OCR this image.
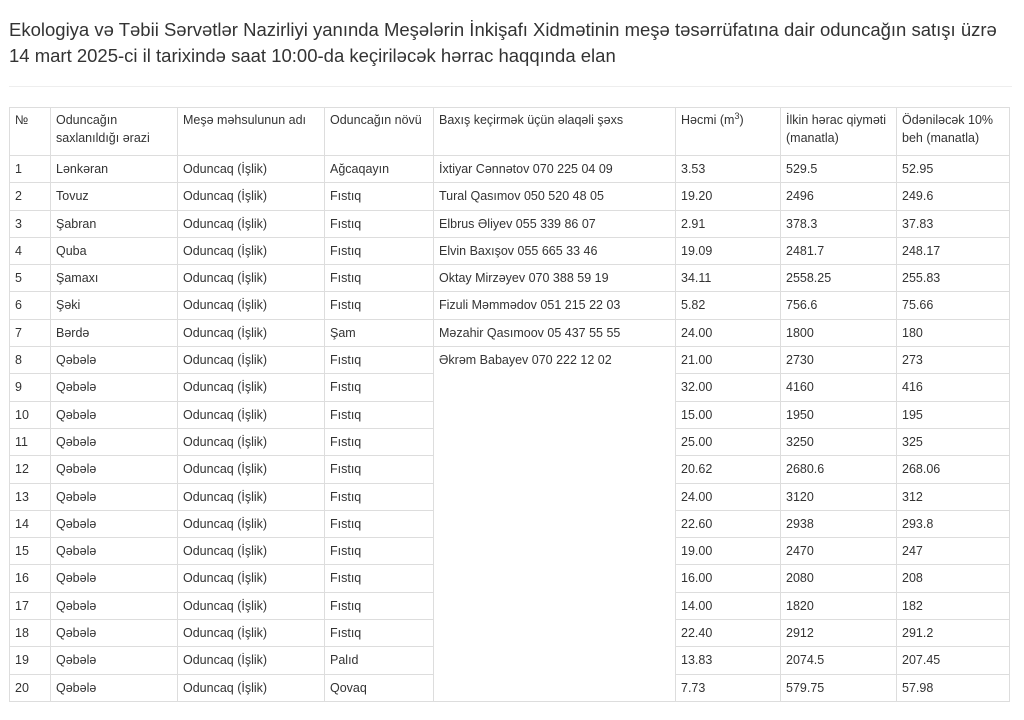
Ekologiya və Təbii Sərvətlər Nazirliyi yanında Meşələrin İnkişafı Xidmətinin meşə təsərrüfatına dair oduncağın satışı üzrə 14 mart 2025-ci il tarixində saat 10:00-da keçiriləcək hərrac haqqında elan
№	Oduncağın saxlanıldığı ərazi	Meşə məhsulunun adı	Oduncağın növü	Baxış keçirmək üçün əlaqəli şəxs	Həcmi $(m^3)$	İlkin hərac qiyməti (manatla)	Ödəniləcək 10% beh (manatla)
1	Lənkəran	Oduncaq (İşlik)	Ağcaqayın	İxtiyar Cənnətov 070 225 04 09	3.53	529.5	52.95
2	Tovuz	Oduncaq (İşlik)	Fıstıq	Tural Qasımov 050 520 48 05	19.20	2496	249.6
3	Şabran	Oduncaq (İşlik)	Fıstıq	Elbrus Əliyev 055 339 86 07	2.91	378.3	37.83
4	Quba	Oduncaq (İşlik)	Fıstıq	Elvin Baxışov 055 665 33 46	19.09	2481.7	248.17
5	Şamaxı	Oduncaq (İşlik)	Fıstıq	Oktay Mirzəyev 070 388 59 19	34.11	2558.25	255.83
6	Şəki	Oduncaq (İşlik)	Fıstıq	Fizuli Məmmədov 051 215 22 03	5.82	756.6	75.66
7	Bərdə	Oduncaq (İşlik)	Şam	Məzahir Qasımoov 05 437 55 55	24.00	1800	180
8	Qəbələ	Oduncaq (İşlik)	Fıstıq	Əkrəm Babayev 070 222 12 02	21.00	2730	273
9	Qəbələ	Oduncaq (İşlik)	Fıstıq		32.00	4160	416
10	Qəbələ	Oduncaq (İşlik)	Fıstıq		15.00	1950	195
11	Qəbələ	Oduncaq (İşlik)	Fıstıq		25.00	3250	325
12	Qəbələ	Oduncaq (İşlik)	Fıstıq		20.62	2680.6	268.06
13	Qəbələ	Oduncaq (İşlik)	Fıstıq		24.00	3120	312
14	Qəbələ	Oduncaq (İşlik)	Fıstıq		22.60	2938	293.8
15	Qəbələ	Oduncaq (İşlik)	Fıstıq		19.00	2470	247
16	Qəbələ	Oduncaq (İşlik)	Fıstıq		16.00	2080	208
17	Qəbələ	Oduncaq (İşlik)	Fıstıq		14.00	1820	182
18	Qəbələ	Oduncaq (İşlik)	Fıstıq		22.40	2912	291.2
19	Qəbələ	Oduncaq (İşlik)	Palıd		13.83	2074.5	207.45
20	Qəbələ	Oduncaq (İşlik)	Qovaq		7.73	579.75	57.98
